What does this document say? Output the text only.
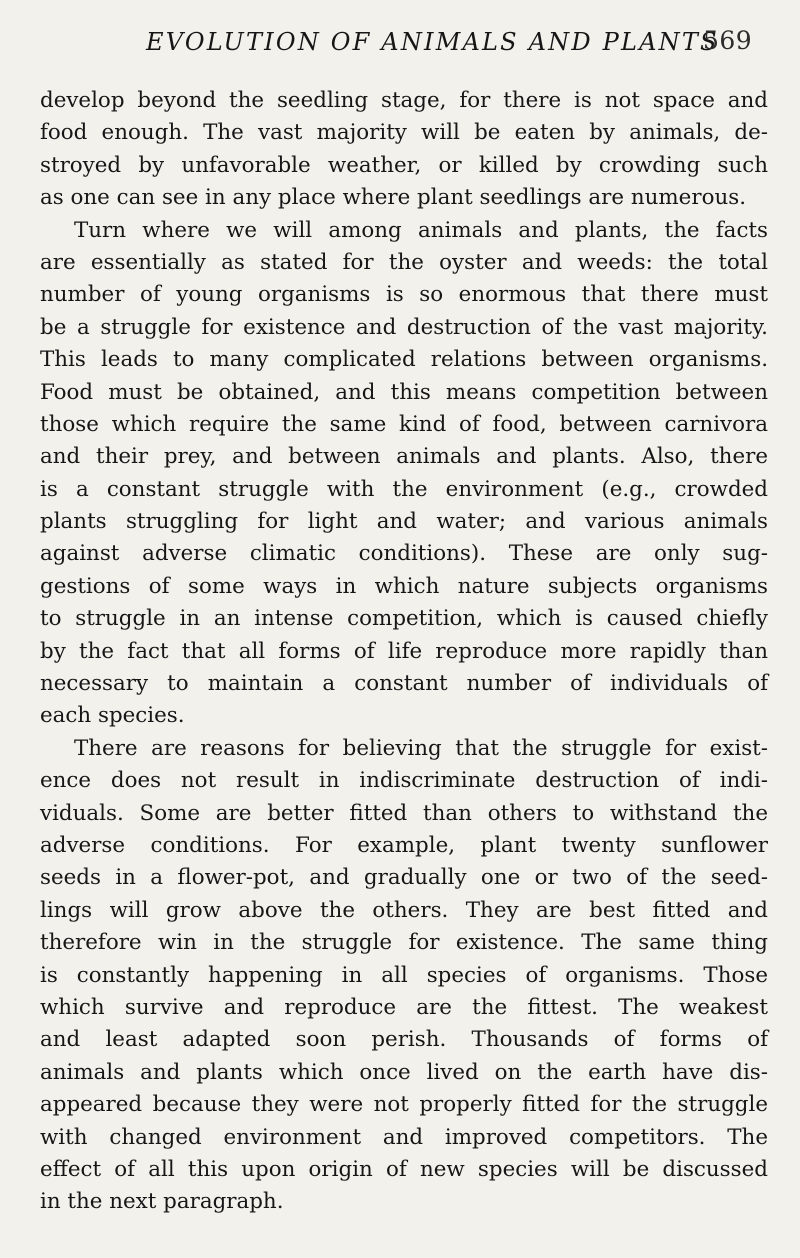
EVOLUTION OF ANIMALS AND PLANTS
569
develop beyond the seedling stage, for there is not space and
food enough. The vast majority will be eaten by animals, de-
stroyed by unfavorable weather, or killed by crowding such
as one can see in any place where plant seedlings are numerous.
Turn where we will among animals and plants, the facts
are essentially as stated for the oyster and weeds: the total
number of young organisms is so enormous that there must
be a struggle for existence and destruction of the vast majority.
This leads to many complicated relations between organisms.
Food must be obtained, and this means competition between
those which require the same kind of food, between carnivora
and their prey, and between animals and plants. Also, there
is a constant struggle with the environment (e.g., crowded
plants struggling for light and water; and various animals
against adverse climatic conditions). These are only sug-
gestions of some ways in which nature subjects organisms
to struggle in an intense competition, which is caused chiefly
by the fact that all forms of life reproduce more rapidly than
necessary to maintain a constant number of individuals of
each species.
There are reasons for believing that the struggle for exist-
ence does not result in indiscriminate destruction of indi-
viduals. Some are better fitted than others to withstand the
adverse conditions. For example, plant twenty sunflower
seeds in a flower-pot, and gradually one or two of the seed-
lings will grow above the others. They are best fitted and
therefore win in the struggle for existence. The same thing
is constantly happening in all species of organisms. Those
which survive and reproduce are the fittest. The weakest
and least adapted soon perish. Thousands of forms of
animals and plants which once lived on the earth have dis-
appeared because they were not properly fitted for the struggle
with changed environment and improved competitors. The
effect of all this upon origin of new species will be discussed
in the next paragraph.
